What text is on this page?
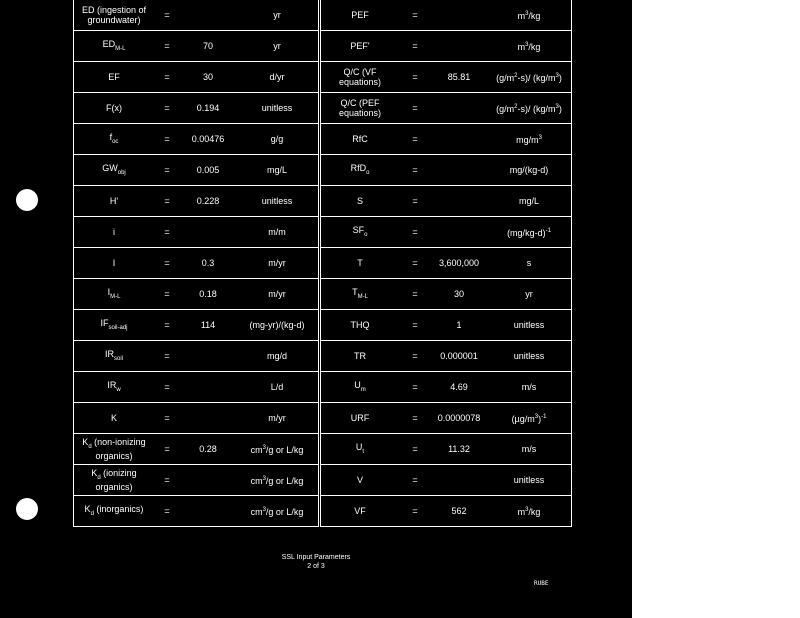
ED (ingestion of groundwater)	=		yr
$ED_{M-L}$	=	70	yr
EF	=	30	d/yr
F(x)	=	0.194	unitless
$f_{oc}$	=	0.00476	g/g
$GW_{obj}$	=	0.005	mg/L
H'	=	0.228	unitless
i	=		m/m
I	=	0.3	m/yr
$I_{M-L}$	=	0.18	m/yr
$IF_{soil-adj}$	=	114	(mg-yr)/(kg-d)
$IR_{soil}$	=		mg/d
$IR_w$	=		L/d
K	=		m/yr
$K_d$ (non-ionizing organics)	=	0.28	$cm^3/g$ or L/kg
$K_d$ (ionizing organics)	=		$cm^3/g$ or L/kg
$K_d$ (inorganics)	=		$cm^3/g$ or L/kg
PEF	=		$m^3/kg$
PEF'	=		$m^3/kg$
Q/C (VF equations)	=	85.81	$(g/m^2-s)/$ $(kg/m^3)$
Q/C (PEF equations)	=		$(g/m^2-s)/$ $(kg/m^3)$
RfC	=		$mg/m^3$
RfD$_o$	=		mg/(kg-d)
S	=		mg/L
$SF_o$	=		$(mg/kg-d)^{-1}$
T	=	3,600,000	s
$T_{M-L}$	=	30	yr
THQ	=	1	unitless
TR	=	0.000001	unitless
$U_m$	=	4.69	m/s
URF	=	0.0000078	$(\mu g/m^3)^{-1}$
$U_t$	=	11.32	m/s
V	=		unitless
VF	=	562	$m^3/kg$
SSL Input Parameters
2 of 3
RUBE
